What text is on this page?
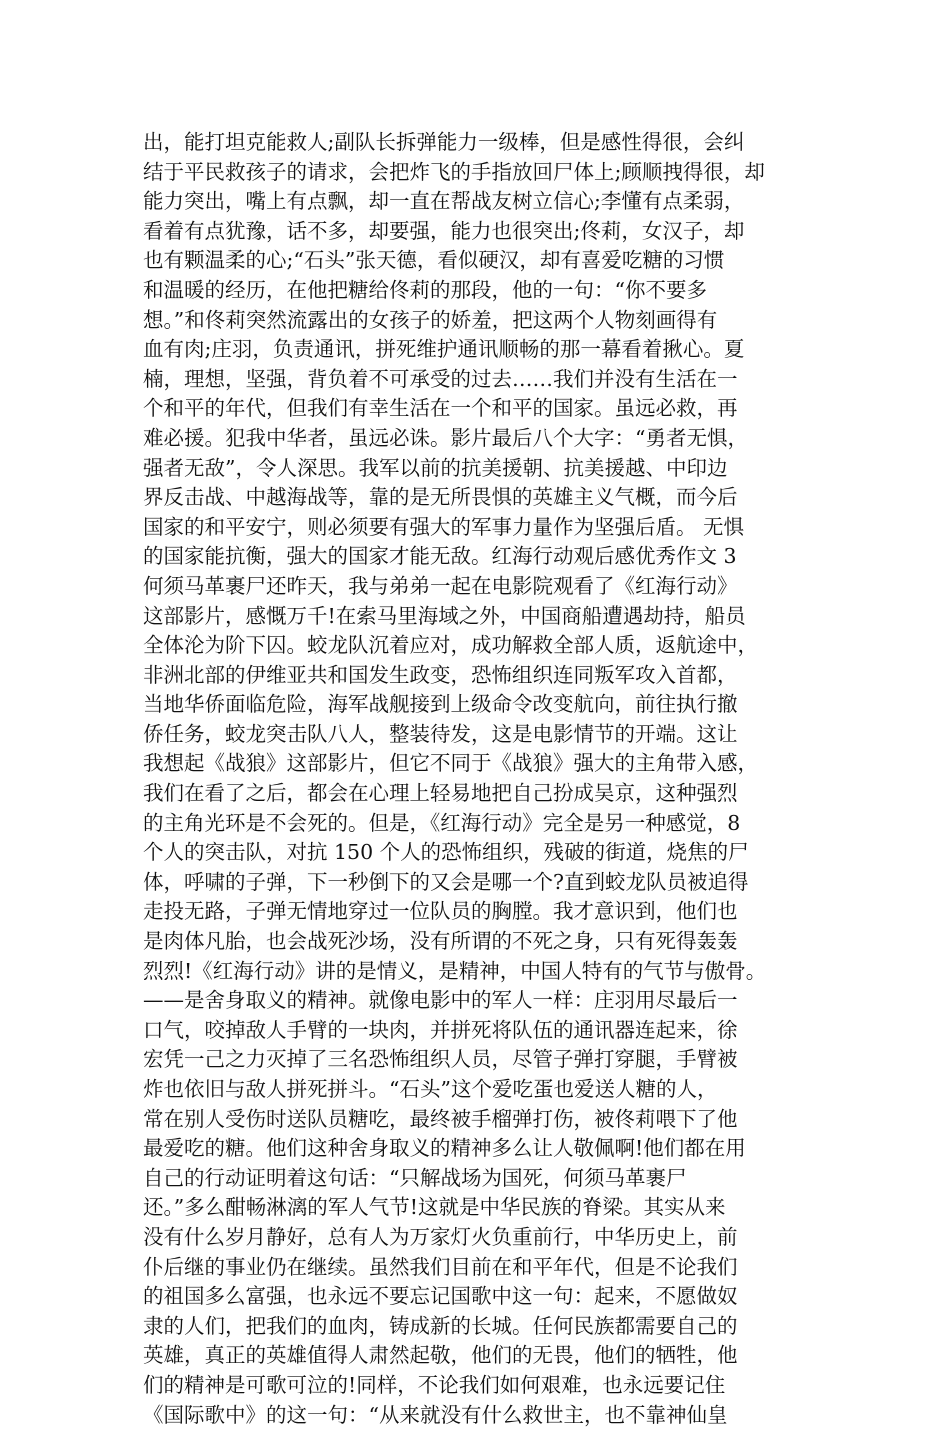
出，能打坦克能救人;副队长拆弹能力一级棒，但是感性得很，会纠
结于平民救孩子的请求，会把炸飞的手指放回尸体上;顾顺拽得很，却
能力突出，嘴上有点飘，却一直在帮战友树立信心;李懂有点柔弱，
看着有点犹豫，话不多，却要强，能力也很突出;佟莉，女汉子，却
也有颗温柔的心;“石头”张天德，看似硬汉，却有喜爱吃糖的习惯
和温暖的经历，在他把糖给佟莉的那段，他的一句：“你不要多
想。”和佟莉突然流露出的女孩子的娇羞，把这两个人物刻画得有
血有肉;庄羽，负责通讯，拼死维护通讯顺畅的那一幕看着揪心。夏
楠，理想，坚强，背负着不可承受的过去……我们并没有生活在一
个和平的年代，但我们有幸生活在一个和平的国家。虽远必救，再
难必援。犯我中华者，虽远必诛。影片最后八个大字：“勇者无惧，
强者无敌”，令人深思。我军以前的抗美援朝、抗美援越、中印边
界反击战、中越海战等，靠的是无所畏惧的英雄主义气概，而今后
国家的和平安宁，则必须要有强大的军事力量作为坚强后盾。 无惧
的国家能抗衡，强大的国家才能无敌。红海行动观后感优秀作文 3
何须马革裹尸还昨天，我与弟弟一起在电影院观看了《红海行动》
这部影片，感慨万千!在索马里海域之外，中国商船遭遇劫持，船员
全体沦为阶下囚。蛟龙队沉着应对，成功解救全部人质，返航途中，
非洲北部的伊维亚共和国发生政变，恐怖组织连同叛军攻入首都，
当地华侨面临危险，海军战舰接到上级命令改变航向，前往执行撤
侨任务，蛟龙突击队八人，整装待发，这是电影情节的开端。这让
我想起《战狼》这部影片，但它不同于《战狼》强大的主角带入感，
我们在看了之后，都会在心理上轻易地把自己扮成吴京，这种强烈
的主角光环是不会死的。但是，《红海行动》完全是另一种感觉，8
个人的突击队，对抗 150 个人的恐怖组织，残破的街道，烧焦的尸
体，呼啸的子弹，下一秒倒下的又会是哪一个?直到蛟龙队员被追得
走投无路，子弹无情地穿过一位队员的胸膛。我才意识到，他们也
是肉体凡胎，也会战死沙场，没有所谓的不死之身，只有死得轰轰
烈烈!《红海行动》讲的是情义，是精神，中国人特有的气节与傲骨。
——是舍身取义的精神。就像电影中的军人一样：庄羽用尽最后一
口气，咬掉敌人手臂的一块肉，并拼死将队伍的通讯器连起来，徐
宏凭一己之力灭掉了三名恐怖组织人员，尽管子弹打穿腿，手臂被
炸也依旧与敌人拼死拼斗。“石头”这个爱吃蛋也爱送人糖的人，
常在别人受伤时送队员糖吃，最终被手榴弹打伤，被佟莉喂下了他
最爱吃的糖。他们这种舍身取义的精神多么让人敬佩啊!他们都在用
自己的行动证明着这句话：“只解战场为国死，何须马革裹尸
还。”多么酣畅淋漓的军人气节!这就是中华民族的脊梁。其实从来
没有什么岁月静好，总有人为万家灯火负重前行，中华历史上，前
仆后继的事业仍在继续。虽然我们目前在和平年代，但是不论我们
的祖国多么富强，也永远不要忘记国歌中这一句：起来，不愿做奴
隶的人们，把我们的血肉，铸成新的长城。任何民族都需要自己的
英雄，真正的英雄值得人肃然起敬，他们的无畏，他们的牺牲，他
们的精神是可歌可泣的!同样，不论我们如何艰难，也永远要记住
《国际歌中》的这一句：“从来就没有什么救世主，也不靠神仙皇
